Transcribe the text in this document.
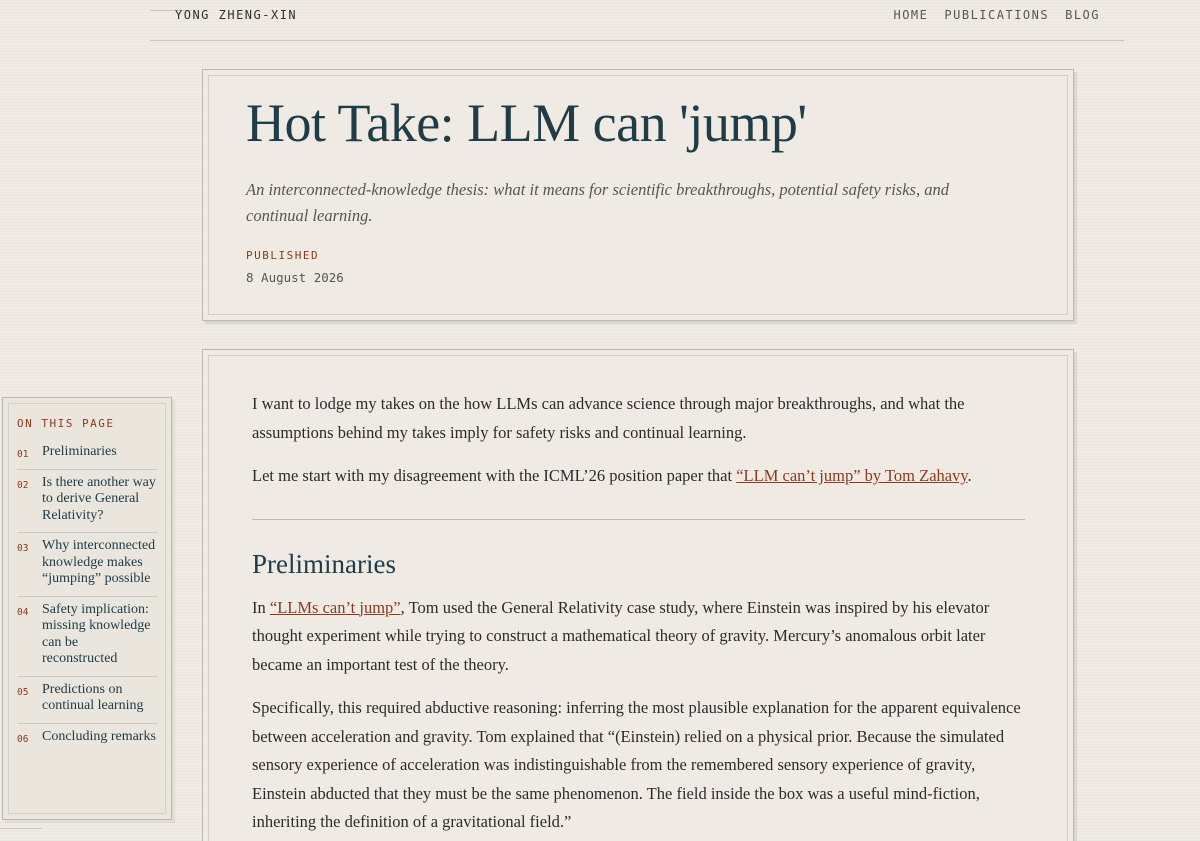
YONG ZHENG-XIN	HOME PUBLICATIONS BLOG
Hot Take: LLM can 'jump'

An interconnected-knowledge thesis: what it means for scientific breakthroughs, potential safety risks, and continual learning.

PUBLISHED
8 August 2026

I want to lodge my takes on the how LLMs can advance science through major breakthroughs, and what the assumptions behind my takes imply for safety risks and continual learning.

Let me start with my disagreement with the ICML’26 position paper that “LLM can’t jump” by Tom Zahavy.

Preliminaries

In “LLMs can’t jump”, Tom used the General Relativity case study, where Einstein was inspired by his elevator thought experiment while trying to construct a mathematical theory of gravity. Mercury’s anomalous orbit later became an important test of the theory.

Specifically, this required abductive reasoning: inferring the most plausible explanation for the apparent equivalence between acceleration and gravity. Tom explained that “(Einstein) relied on a physical prior. Because the simulated sensory experience of acceleration was indistinguishable from the remembered sensory experience of gravity, Einstein abducted that they must be the same phenomenon. The field inside the box was a useful mind-fiction, inheriting the definition of a gravitational field.”

ON THIS PAGE
01 Preliminaries
02 Is there another way to derive General Relativity?
03 Why interconnected knowledge makes “jumping” possible
04 Safety implication: missing knowledge can be reconstructed
05 Predictions on continual learning
06 Concluding remarks
